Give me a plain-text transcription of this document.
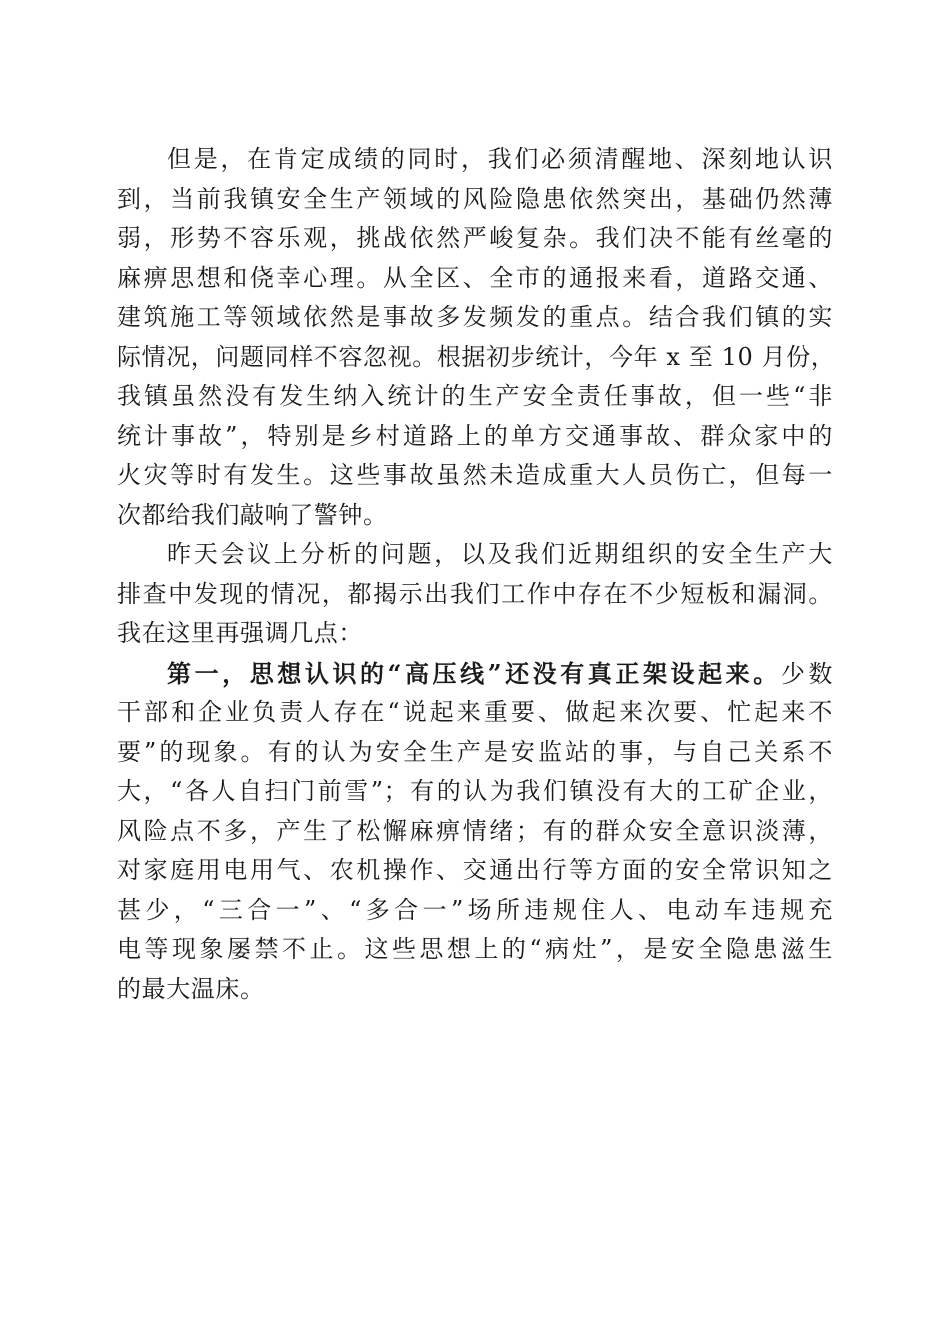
但是，在肯定成绩的同时，我们必须清醒地、深刻地认识
到，当前我镇安全生产领域的风险隐患依然突出，基础仍然薄
弱，形势不容乐观，挑战依然严峻复杂。我们决不能有丝毫的
麻痹思想和侥幸心理。从全区、全市的通报来看，道路交通、
建筑施工等领域依然是事故多发频发的重点。结合我们镇的实
际情况，问题同样不容忽视。根据初步统计，今年 x 至 10 月份，
我镇虽然没有发生纳入统计的生产安全责任事故，但一些“非
统计事故”，特别是乡村道路上的单方交通事故、群众家中的
火灾等时有发生。这些事故虽然未造成重大人员伤亡，但每一
次都给我们敲响了警钟。
昨天会议上分析的问题，以及我们近期组织的安全生产大
排查中发现的情况，都揭示出我们工作中存在不少短板和漏洞。
我在这里再强调几点：
第一，思想认识的“高压线”还没有真正架设起来。少数
干部和企业负责人存在“说起来重要、做起来次要、忙起来不
要”的现象。有的认为安全生产是安监站的事，与自己关系不
大，“各人自扫门前雪”；有的认为我们镇没有大的工矿企业，
风险点不多，产生了松懈麻痹情绪；有的群众安全意识淡薄，
对家庭用电用气、农机操作、交通出行等方面的安全常识知之
甚少，“三合一”、“多合一”场所违规住人、电动车违规充
电等现象屡禁不止。这些思想上的“病灶”，是安全隐患滋生
的最大温床。
